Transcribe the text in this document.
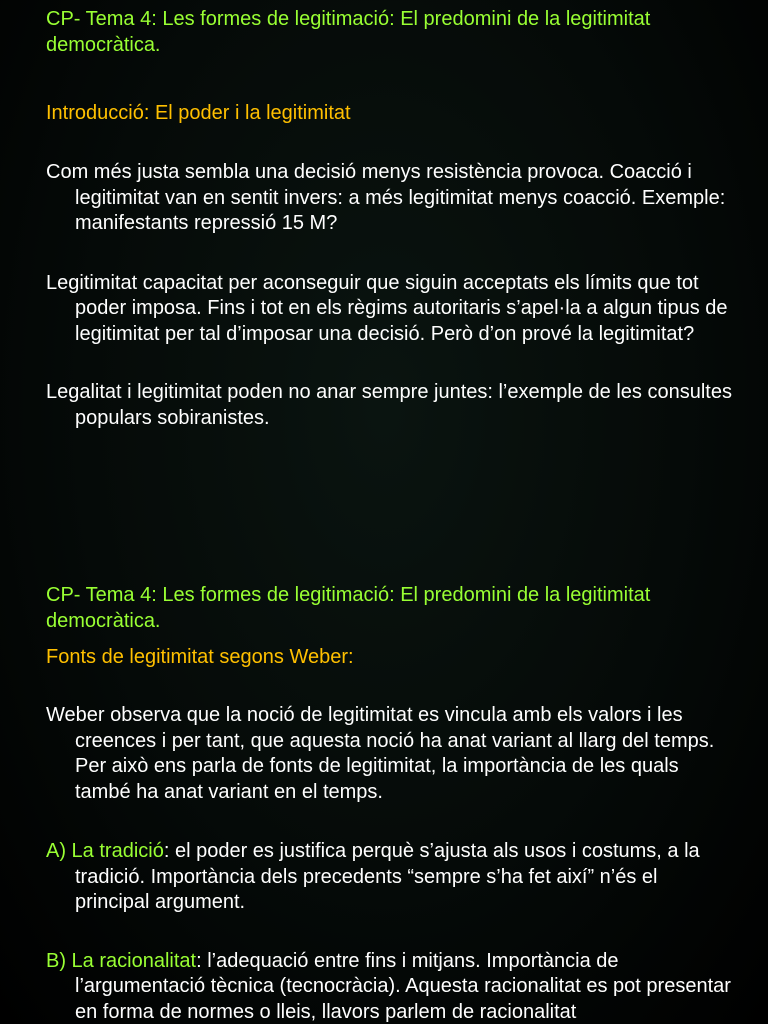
CP- Tema 4: Les formes de legitimació: El predomini de la legitimitat democràtica.

Introducció: El poder i la legitimitat

Com més justa sembla una decisió menys resistència provoca. Coacció i legitimitat van en sentit invers: a més legitimitat menys coacció. Exemple: manifestants repressió 15 M?

Legitimitat capacitat per aconseguir que siguin acceptats els límits que tot poder imposa. Fins i tot en els règims autoritaris s’apel·la a algun tipus de legitimitat per tal d’imposar una decisió. Però d’on prové la legitimitat?

Legalitat i legitimitat poden no anar sempre juntes: l’exemple de les consultes populars sobiranistes.

CP- Tema 4: Les formes de legitimació: El predomini de la legitimitat democràtica.

Fonts de legitimitat segons Weber:

Weber observa que la noció de legitimitat es vincula amb els valors i les creences i per tant, que aquesta noció ha anat variant al llarg del temps. Per això ens parla de fonts de legitimitat, la importància de les quals també ha anat variant en el temps.

A) La tradició: el poder es justifica perquè s’ajusta als usos i costums, a la tradició. Importància dels precedents “sempre s’ha fet així” n’és el principal argument.

B) La racionalitat: l’adequació entre fins i mitjans. Importància de l’argumentació tècnica (tecnocràcia). Aquesta racionalitat es pot presentar en forma de normes o lleis, llavors parlem de racionalitat
